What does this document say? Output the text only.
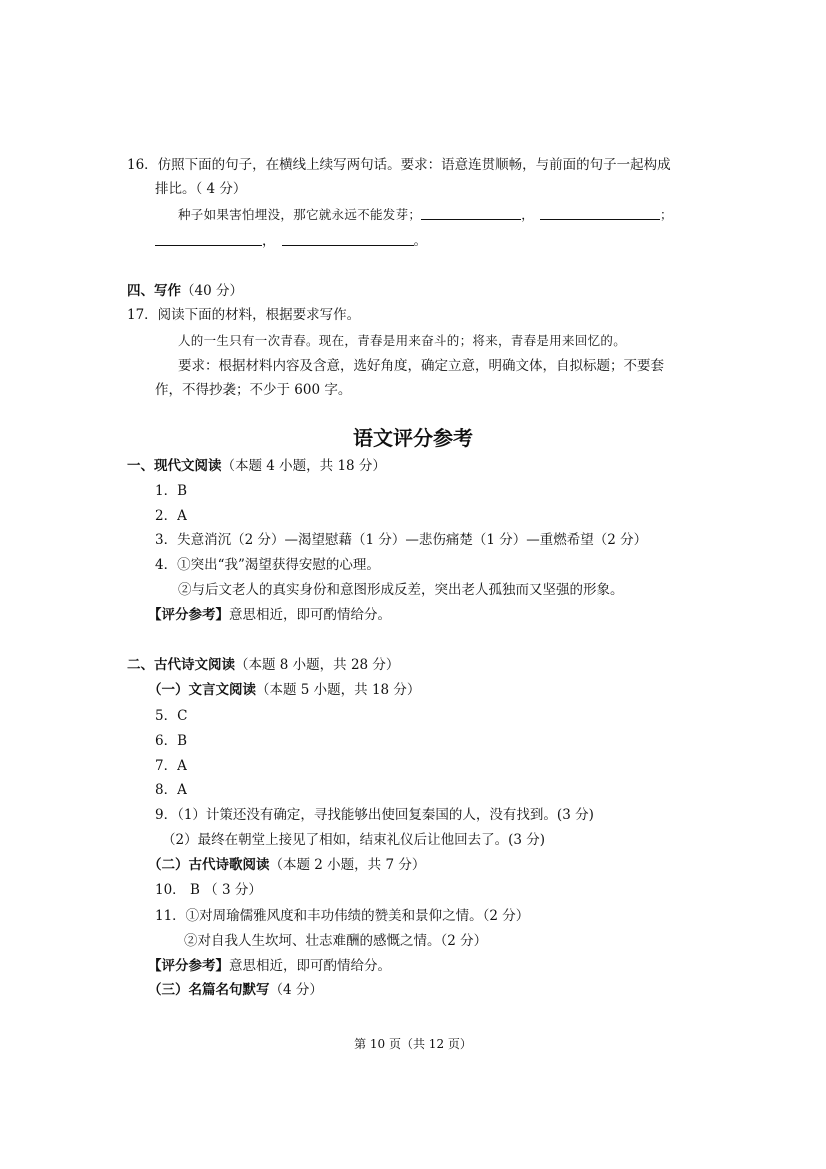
16．仿照下面的句子，在横线上续写两句话。要求：语意连贯顺畅，与前面的句子一起构成
排比。（ 4 分）
种子如果害怕埋没，那它就永远不能发芽；	，	；
，	。
四、写作（40 分）
17．阅读下面的材料，根据要求写作。
人的一生只有一次青春。现在，青春是用来奋斗的；将来，青春是用来回忆的。
要求：根据材料内容及含意，选好角度，确定立意，明确文体，自拟标题；不要套
作，不得抄袭；不少于 600 字。
语文评分参考
一、现代文阅读（本题 4 小题，共 18 分）
1．B
2．A
3．失意消沉（2 分）—渴望慰藉（1 分）—悲伤痛楚（1 分）—重燃希望（2 分）
4．①突出“我”渴望获得安慰的心理。
②与后文老人的真实身份和意图形成反差，突出老人孤独而又坚强的形象。
【评分参考】意思相近，即可酌情给分。
二、古代诗文阅读（本题 8 小题，共 28 分）
（一）文言文阅读（本题 5 小题，共 18 分）
5．C
6．B
7．A
8．A
9．（1）计策还没有确定，寻找能够出使回复秦国的人，没有找到。(3 分)
（2）最终在朝堂上接见了相如，结束礼仪后让他回去了。(3 分)
（二）古代诗歌阅读（本题 2 小题，共 7 分）
10． B （ 3 分）
11．①对周瑜儒雅风度和丰功伟绩的赞美和景仰之情。（2 分）
②对自我人生坎坷、壮志难酬的感慨之情。（2 分）
【评分参考】意思相近，即可酌情给分。
（三）名篇名句默写（4 分）
第 10 页（共 12 页）
